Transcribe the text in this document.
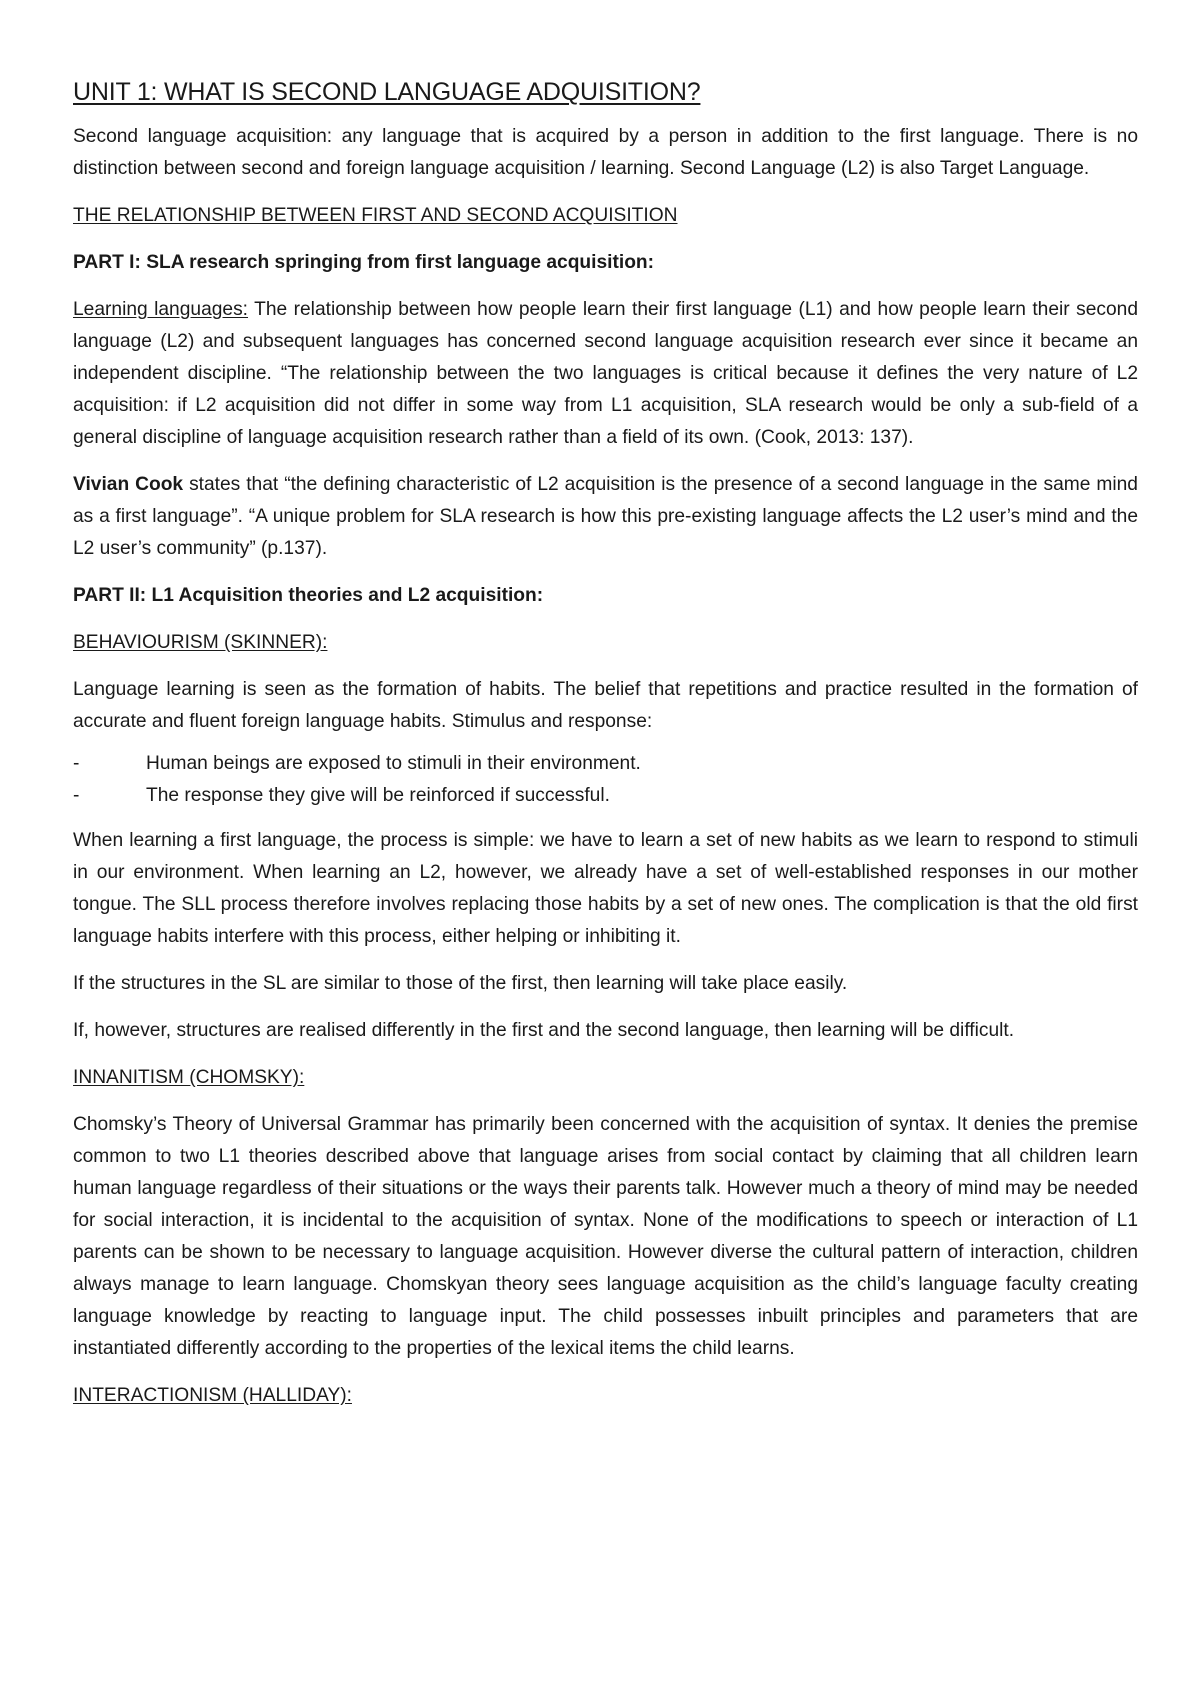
UNIT 1: WHAT IS SECOND LANGUAGE ADQUISITION?

Second language acquisition: any language that is acquired by a person in addition to the first language. There is no distinction between second and foreign language acquisition / learning. Second Language (L2) is also Target Language.

THE RELATIONSHIP BETWEEN FIRST AND SECOND ACQUISITION
PART I: SLA research springing from first language acquisition:

Learning languages: The relationship between how people learn their first language (L1) and how people learn their second language (L2) and subsequent languages has concerned second language acquisition research ever since it became an independent discipline. “The relationship between the two languages is critical because it defines the very nature of L2 acquisition: if L2 acquisition did not differ in some way from L1 acquisition, SLA research would be only a sub-field of a general discipline of language acquisition research rather than a field of its own. (Cook, 2013: 137).

Vivian Cook states that “the defining characteristic of L2 acquisition is the presence of a second language in the same mind as a first language”. “A unique problem for SLA research is how this pre-existing language affects the L2 user’s mind and the L2 user’s community” (p.137).

PART II: L1 Acquisition theories and L2 acquisition:
BEHAVIOURISM (SKINNER):

Language learning is seen as the formation of habits. The belief that repetitions and practice resulted in the formation of accurate and fluent foreign language habits. Stimulus and response:

-	Human beings are exposed to stimuli in their environment.
-	The response they give will be reinforced if successful.

When learning a first language, the process is simple: we have to learn a set of new habits as we learn to respond to stimuli in our environment. When learning an L2, however, we already have a set of well-established responses in our mother tongue. The SLL process therefore involves replacing those habits by a set of new ones. The complication is that the old first language habits interfere with this process, either helping or inhibiting it.

If the structures in the SL are similar to those of the first, then learning will take place easily.

If, however, structures are realised differently in the first and the second language, then learning will be difficult.

INNANITISM (CHOMSKY):

Chomsky’s Theory of Universal Grammar has primarily been concerned with the acquisition of syntax. It denies the premise common to two L1 theories described above that language arises from social contact by claiming that all children learn human language regardless of their situations or the ways their parents talk. However much a theory of mind may be needed for social interaction, it is incidental to the acquisition of syntax. None of the modifications to speech or interaction of L1 parents can be shown to be necessary to language acquisition. However diverse the cultural pattern of interaction, children always manage to learn language. Chomskyan theory sees language acquisition as the child’s language faculty creating language knowledge by reacting to language input. The child possesses inbuilt principles and parameters that are instantiated differently according to the properties of the lexical items the child learns.

INTERACTIONISM (HALLIDAY):
